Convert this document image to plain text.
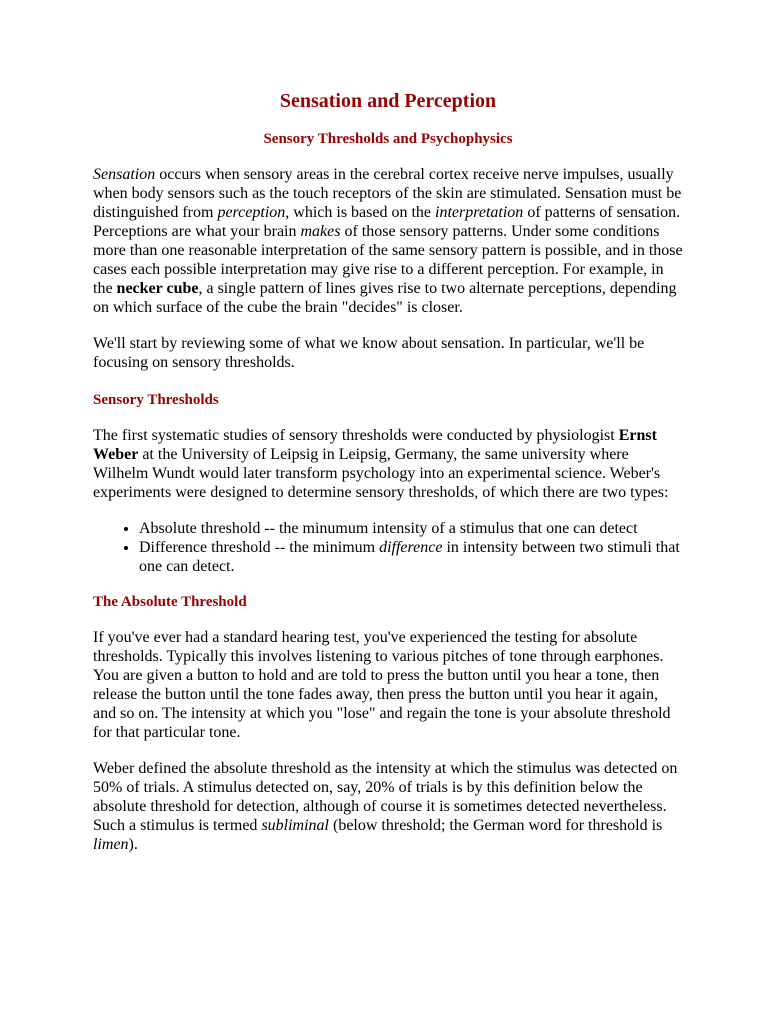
Sensation and Perception
Sensory Thresholds and Psychophysics

Sensation occurs when sensory areas in the cerebral cortex receive nerve impulses, usually when body sensors such as the touch receptors of the skin are stimulated. Sensation must be distinguished from perception, which is based on the interpretation of patterns of sensation. Perceptions are what your brain makes of those sensory patterns. Under some conditions more than one reasonable interpretation of the same sensory pattern is possible, and in those cases each possible interpretation may give rise to a different perception. For example, in the necker cube, a single pattern of lines gives rise to two alternate perceptions, depending on which surface of the cube the brain "decides" is closer.

We'll start by reviewing some of what we know about sensation. In particular, we'll be focusing on sensory thresholds.

Sensory Thresholds

The first systematic studies of sensory thresholds were conducted by physiologist Ernst Weber at the University of Leipsig in Leipsig, Germany, the same university where Wilhelm Wundt would later transform psychology into an experimental science. Weber's experiments were designed to determine sensory thresholds, of which there are two types:

• Absolute threshold -- the minumum intensity of a stimulus that one can detect
• Difference threshold -- the minimum difference in intensity between two stimuli that one can detect.
The Absolute Threshold

If you've ever had a standard hearing test, you've experienced the testing for absolute thresholds. Typically this involves listening to various pitches of tone through earphones. You are given a button to hold and are told to press the button until you hear a tone, then release the button until the tone fades away, then press the button until you hear it again, and so on. The intensity at which you "lose" and regain the tone is your absolute threshold for that particular tone.

Weber defined the absolute threshold as the intensity at which the stimulus was detected on 50% of trials. A stimulus detected on, say, 20% of trials is by this definition below the absolute threshold for detection, although of course it is sometimes detected nevertheless. Such a stimulus is termed subliminal (below threshold; the German word for threshold is limen).
